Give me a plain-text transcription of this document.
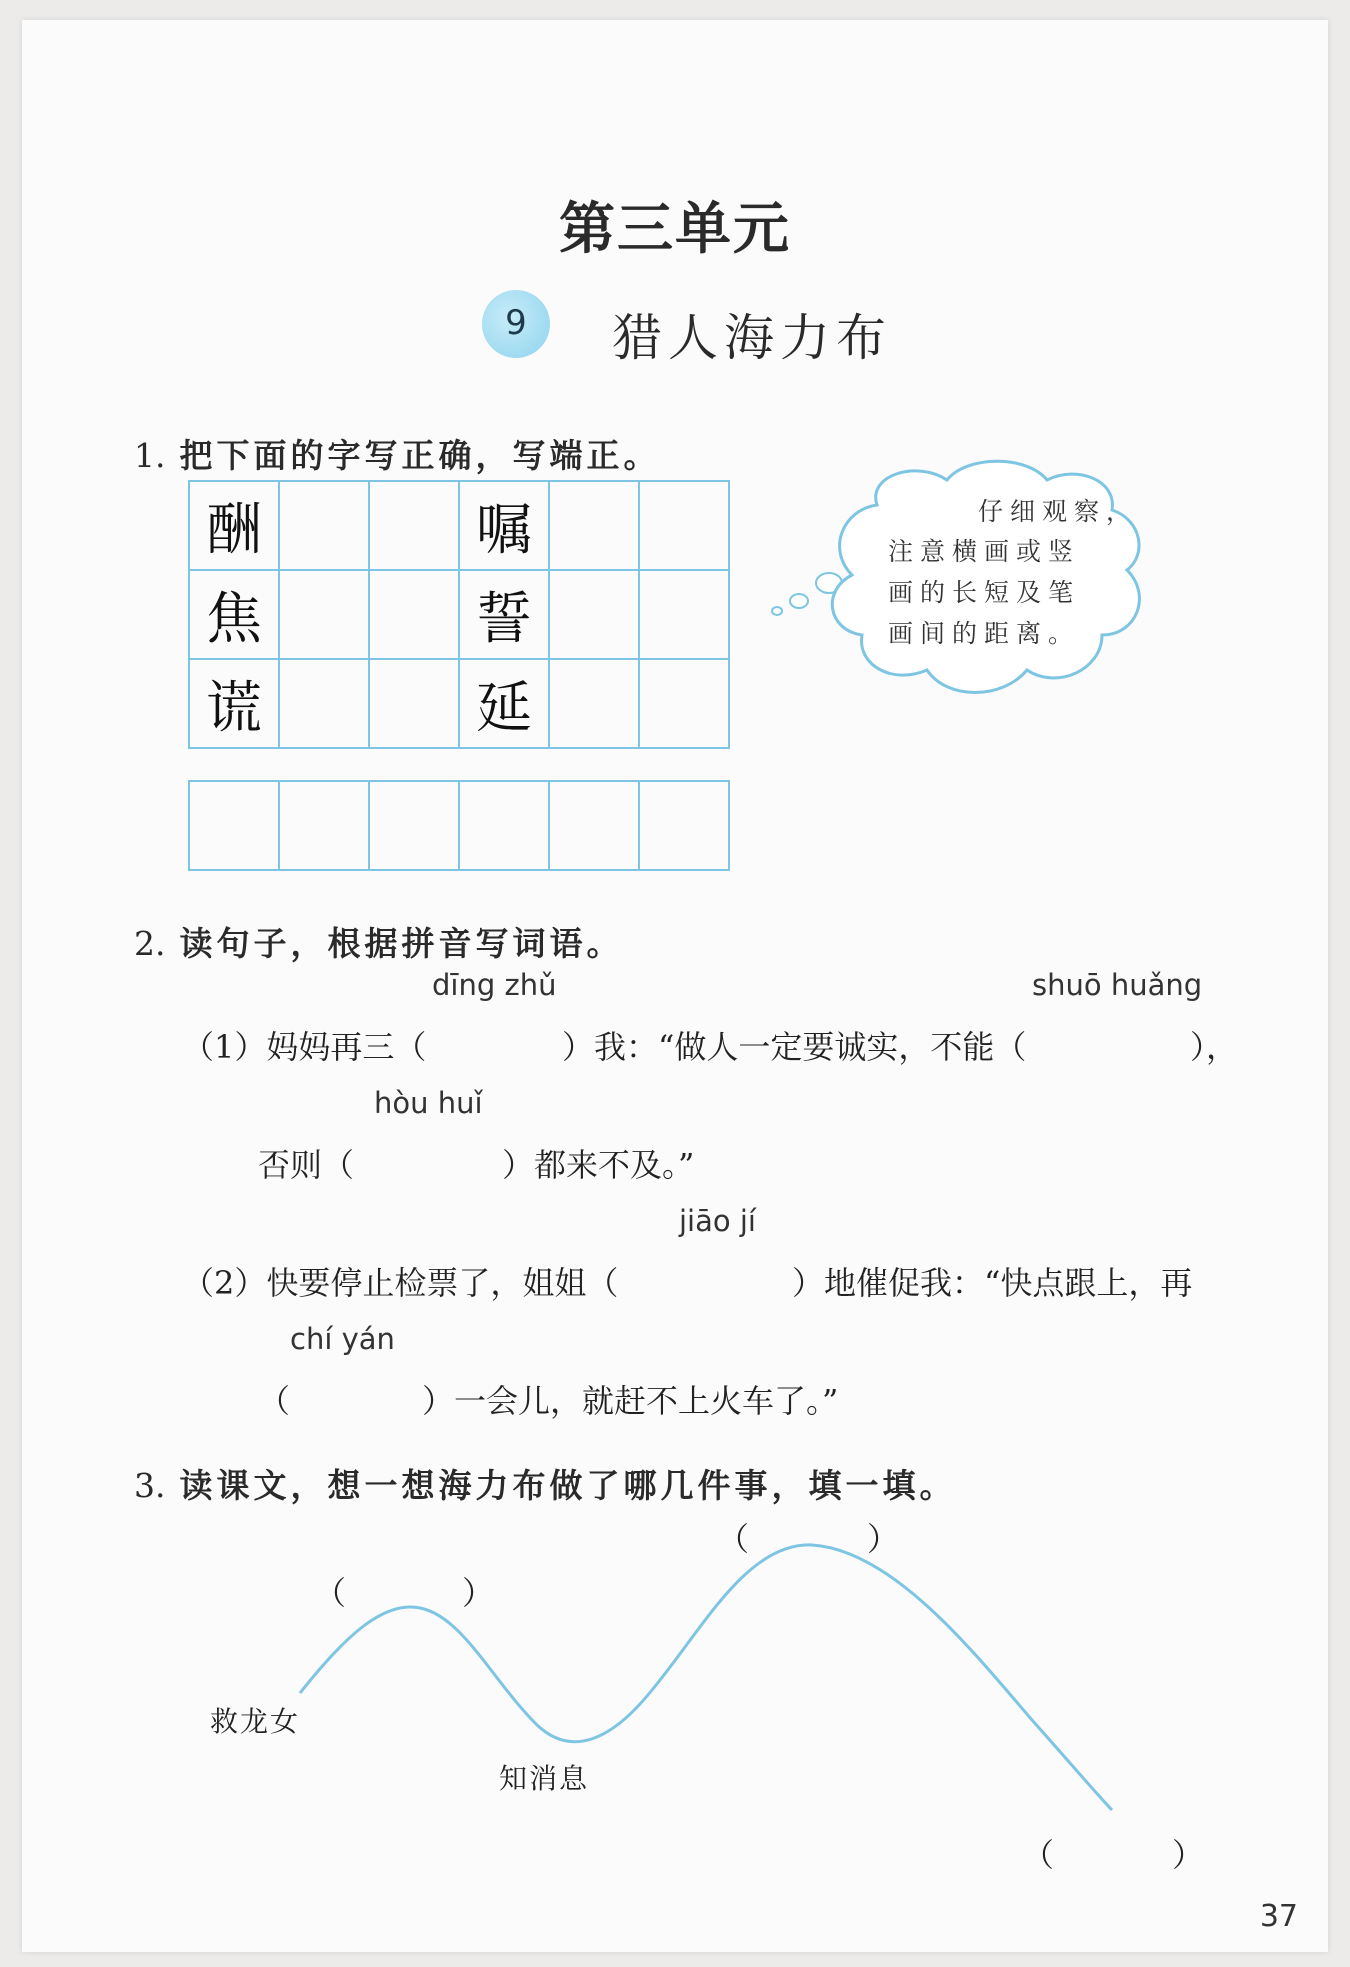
第三单元
9	猎人海力布
1. 把下面的字写正确，写端正。
酬			嘱		
焦			誓		
谎			延		

仔细观察，
注意横画或竖
画的长短及笔
画间的距离。
2. 读句子，根据拼音写词语。
dīng zhǔ	shuō huǎng
（1）妈妈再三（	）我：“做人一定要诚实，不能（	），
hòu huǐ
否则（	）都来不及。”
jiāo jí
（2）快要停止检票了，姐姐（	）地催促我：“快点跟上，再
chí yán
（	）一会儿，就赶不上火车了。”
3. 读课文，想一想海力布做了哪几件事，填一填。
（	）
（	）
（	）
救龙女
知消息
37
